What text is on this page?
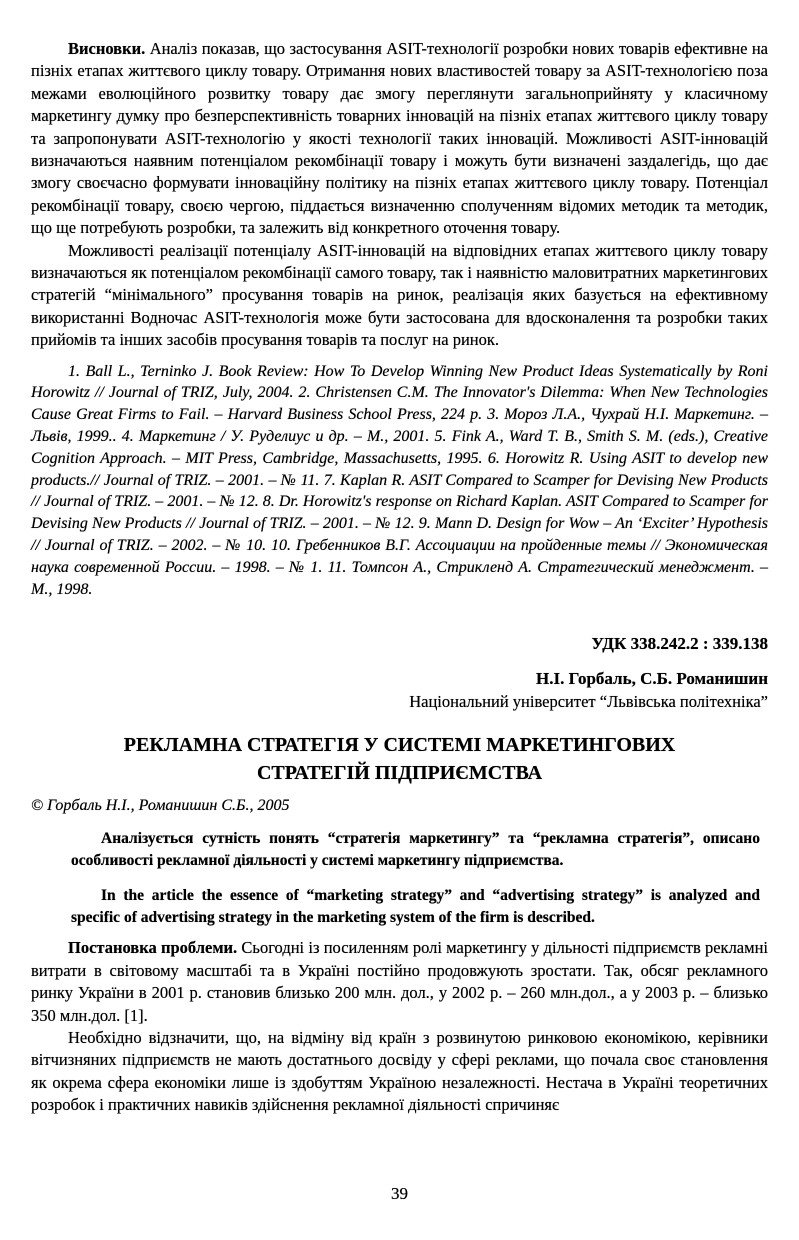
Висновки. Аналіз показав, що застосування ASIT-технології розробки нових товарів ефективне на пізніх етапах життєвого циклу товару. Отримання нових властивостей товару за ASIT-технологією поза межами еволюційного розвитку товару дає змогу переглянути загальноприйняту у класичному маркетингу думку про безперспективність товарних інновацій на пізніх етапах життєвого циклу товару та запропонувати ASIT-технологію у якості технології таких інновацій. Можливості ASIT-інновацій визначаються наявним потенціалом рекомбінації товару і можуть бути визначені заздалегідь, що дає змогу своєчасно формувати інноваційну політику на пізніх етапах життєвого циклу товару. Потенціал рекомбінації товару, своєю чергою, піддається визначенню сполученням відомих методик та методик, що ще потребують розробки, та залежить від конкретного оточення товару.

Можливості реалізації потенціалу ASIT-інновацій на відповідних етапах життєвого циклу товару визначаються як потенціалом рекомбінації самого товару, так і наявністю маловитратних маркетингових стратегій “мінімального” просування товарів на ринок, реалізація яких базується на ефективному використанні Водночас ASIT-технологія може бути застосована для вдосконалення та розробки таких прийомів та інших засобів просування товарів та послуг на ринок.

1. Ball L., Terninko J. Book Review: How To Develop Winning New Product Ideas Systematically by Roni Horowitz // Journal of TRIZ, July, 2004. 2. Christensen C.M. The Innovator's Dilemma: When New Technologies Cause Great Firms to Fail. – Harvard Business School Press, 224 p. 3. Мороз Л.А., Чухрай Н.І. Маркетинг. – Львів, 1999.. 4. Маркетинг / У. Руделиус и др. – М., 2001. 5. Fink A., Ward T. B., Smith S. M. (eds.), Creative Cognition Approach. – MIT Press, Cambridge, Massachusetts, 1995. 6. Horowitz R. Using ASIT to develop new products.// Journal of TRIZ. – 2001. – № 11. 7. Kaplan R. ASIT Compared to Scamper for Devising New Products // Journal of TRIZ. – 2001. – № 12. 8. Dr. Horowitz's response on Richard Kaplan. ASIT Compared to Scamper for Devising New Products // Journal of TRIZ. – 2001. – № 12. 9. Mann D. Design for Wow – An ‘Exciter’ Hypothesis // Journal of TRIZ. – 2002. – № 10. 10. Гребенников В.Г. Ассоциации на пройденные темы // Экономическая наука современной России. – 1998. – № 1. 11. Томпсон А., Стрикленд А. Стратегический менеджмент. – М., 1998.

УДК 338.242.2 : 339.138

Н.І. Горбаль, С.Б. Романишин

Національний університет “Львівська політехніка”

РЕКЛАМНА СТРАТЕГІЯ У СИСТЕМІ МАРКЕТИНГОВИХ
СТРАТЕГІЙ ПІДПРИЄМСТВА

© Горбаль Н.І., Романишин С.Б., 2005

Аналізується сутність понять “стратегія маркетингу” та “рекламна стратегія”, описано особливості рекламної діяльності у системі маркетингу підприємства.

In the article the essence of “marketing strategy” and “advertising strategy” is analyzed and specific of advertising strategy in the marketing system of the firm is described.

Постановка проблеми. Сьогодні із посиленням ролі маркетингу у дільності підприємств рекламні витрати в світовому масштабі та в Україні постійно продовжують зростати. Так, обсяг рекламного ринку України в 2001 р. становив близько 200 млн. дол., у 2002 р. – 260 млн.дол., а у 2003 р. – близько 350 млн.дол. [1].

Необхідно відзначити, що, на відміну від країн з розвинутою ринковою економікою, керівники вітчизняних підприємств не мають достатнього досвіду у сфері реклами, що почала своє становлення як окрема сфера економіки лише із здобуттям Україною незалежності. Нестача в Україні теоретичних розробок і практичних навиків здійснення рекламної діяльності спричиняє

39
